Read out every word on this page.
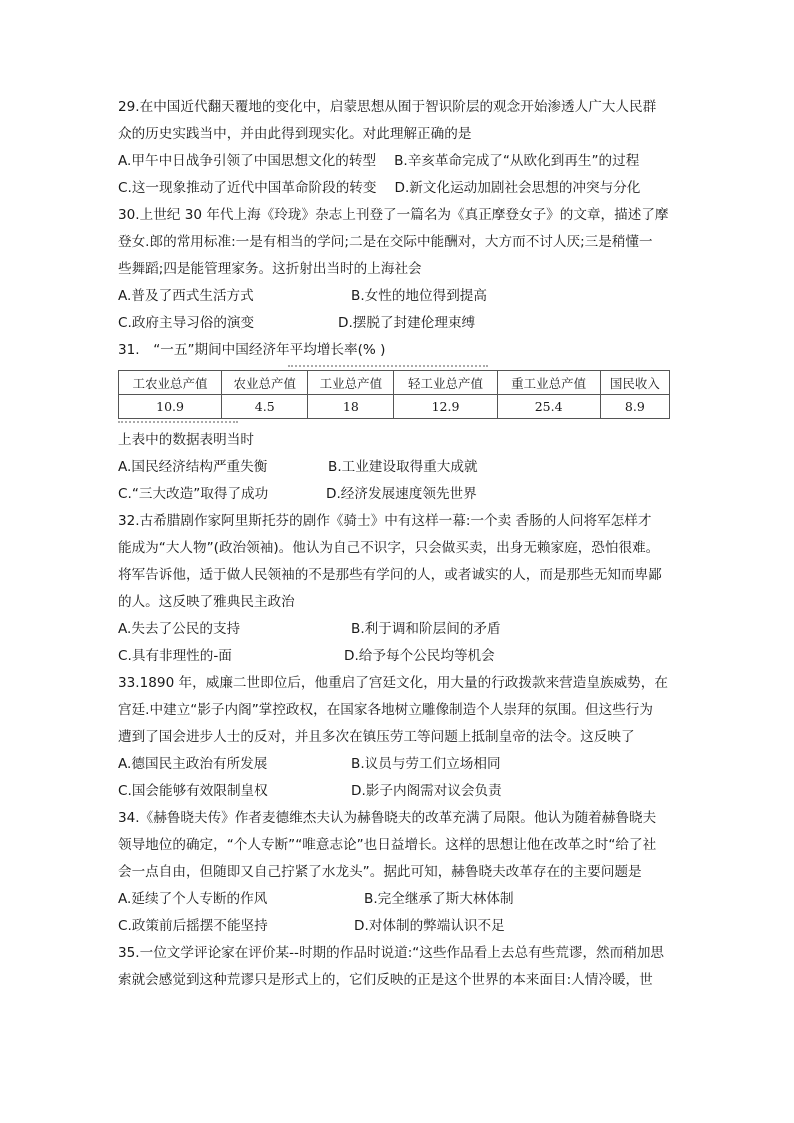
29.在中国近代翻天覆地的变化中，启蒙思想从囿于智识阶层的观念开始渗透人广大人民群
众的历史实践当中，并由此得到现实化。对此理解正确的是
A.甲午中日战争引领了中国思想文化的转型 B.辛亥革命完成了“从欧化到再生”的过程
C.这一现象推动了近代中国革命阶段的转变 D.新文化运动加剧社会思想的冲突与分化
30.上世纪 30 年代上海《玲珑》杂志上刊登了一篇名为《真正摩登女子》的文章，描述了摩
登女.郎的常用标准:一是有相当的学问;二是在交际中能酬对，大方而不讨人厌;三是稍懂一
些舞蹈;四是能管理家务。这折射出当时的上海社会
A.普及了西式生活方式	B.女性的地位得到提高
C.政府主导习俗的演变	D.摆脱了封建伦理束缚
31.　“一五”期间中国经济年平均增长率(% )
工农业总产值	农业总产值	工业总产值	轻工业总产值	重工业总产值	国民收入
10.9	4.5	18	12.9	25.4	8.9
上表中的数据表明当时
A.国民经济结构严重失衡	B.工业建设取得重大成就
C.“三大改造”取得了成功	D.经济发展速度领先世界
32.古希腊剧作家阿里斯托芬的剧作《骑士》中有这样一幕:一个卖 香肠的人问将军怎样才
能成为“大人物”(政治领袖)。他认为自己不识字，只会做买卖，出身无赖家庭，恐怕很难。
将军告诉他，适于做人民领袖的不是那些有学问的人，或者诚实的人，而是那些无知而卑鄙
的人。这反映了雅典民主政治
A.失去了公民的支持	B.利于调和阶层间的矛盾
C.具有非理性的-面	D.给予每个公民均等机会
33.1890 年，威廉二世即位后，他重启了宫廷文化，用大量的行政拨款来营造皇族威势，在
宫廷.中建立“影子内阁”掌控政权，在国家各地树立雕像制造个人崇拜的氛围。但这些行为
遭到了国会进步人士的反对，并且多次在镇压劳工等问题上抵制皇帝的法令。这反映了
A.德国民主政治有所发展	B.议员与劳工们立场相同
C.国会能够有效限制皇权	D.影子内阁需对议会负责
34.《赫鲁晓夫传》作者麦德维杰夫认为赫鲁晓夫的改革充满了局限。他认为随着赫鲁晓夫
领导地位的确定，“个人专断”“唯意志论”也日益增长。这样的思想让他在改革之时“给了社
会一点自由，但随即又自己拧紧了水龙头”。据此可知，赫鲁晓夫改革存在的主要问题是
A.延续了个人专断的作风	B.完全继承了斯大林体制
C.政策前后摇摆不能坚持	D.对体制的弊端认识不足
35.一位文学评论家在评价某--时期的作品时说道:“这些作品看上去总有些荒谬，然而稍加思
索就会感觉到这种荒谬只是形式上的，它们反映的正是这个世界的本来面目:人情冷暖，世
